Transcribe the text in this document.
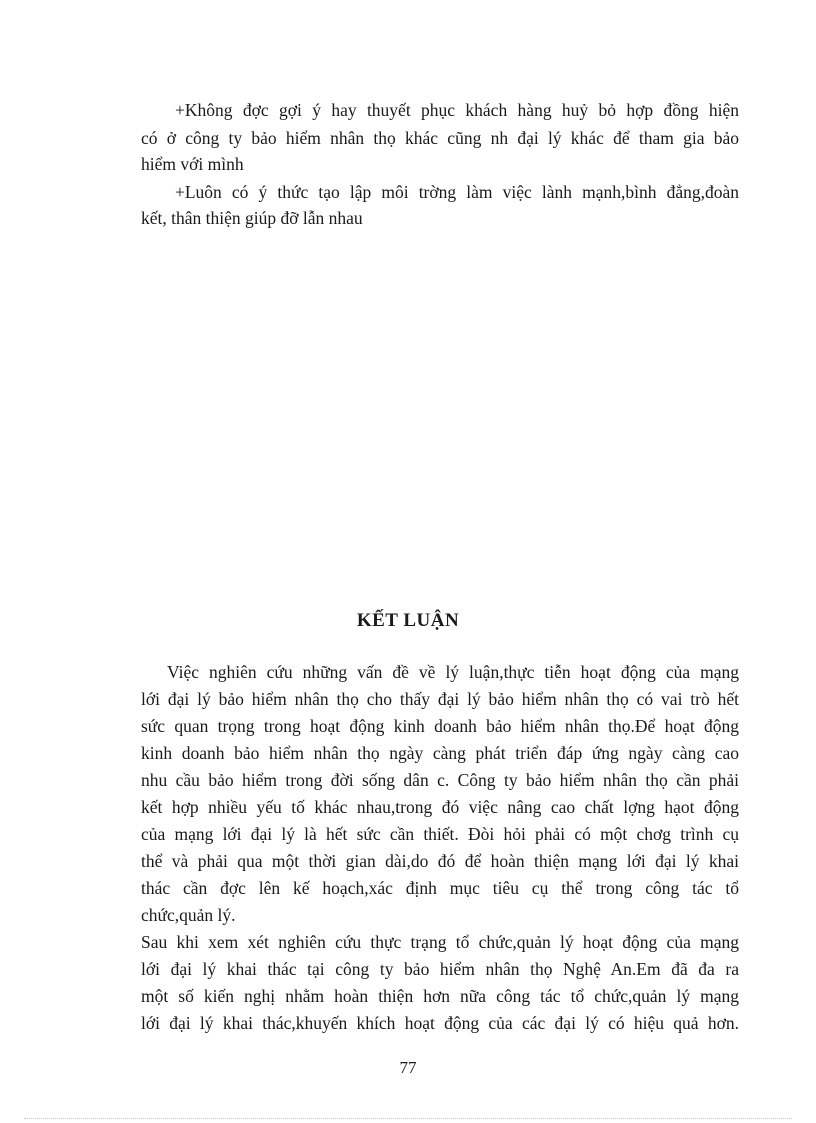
+Không đợc gợi ý hay thuyết phục khách hàng huỷ bỏ hợp đồng hiện
có ở công ty bảo hiểm nhân thọ khác cũng nh đại lý khác để tham gia bảo
hiểm với mình
+Luôn có ý thức tạo lập môi trờng làm việc lành mạnh,bình đẳng,đoàn
kết, thân thiện giúp đỡ lẫn nhau
KẾT LUẬN
Việc nghiên cứu những vấn đề về lý luận,thực tiễn hoạt động của mạng
lới đại lý bảo hiểm nhân thọ cho thấy đại lý bảo hiểm nhân thọ có vai trò hết
sức quan trọng trong hoạt động kinh doanh bảo hiểm nhân thọ.Để hoạt động
kinh doanh bảo hiểm nhân thọ ngày càng phát triển đáp ứng ngày càng cao
nhu cầu bảo hiểm trong đời sống dân c. Công ty bảo hiểm nhân thọ cần phải
kết hợp nhiều yếu tố khác nhau,trong đó việc nâng cao chất lợng hạot động
của mạng lới đại lý là hết sức cần thiết. Đòi hỏi phải có một chơg trình cụ
thể và phải qua một thời gian dài,do đó để hoàn thiện mạng lới đại lý khai
thác cần đợc lên kế hoạch,xác định mục tiêu cụ thể trong công tác tổ
chức,quản lý.
Sau khi xem xét nghiên cứu thực trạng tổ chức,quản lý hoạt động của mạng
lới đại lý khai thác tại công ty bảo hiểm nhân thọ Nghệ An.Em đã đa ra
một số kiến nghị nhằm hoàn thiện hơn nữa công tác tổ chức,quản lý mạng
lới đại lý khai thác,khuyến khích hoạt động của các đại lý có hiệu quả hơn.
77
